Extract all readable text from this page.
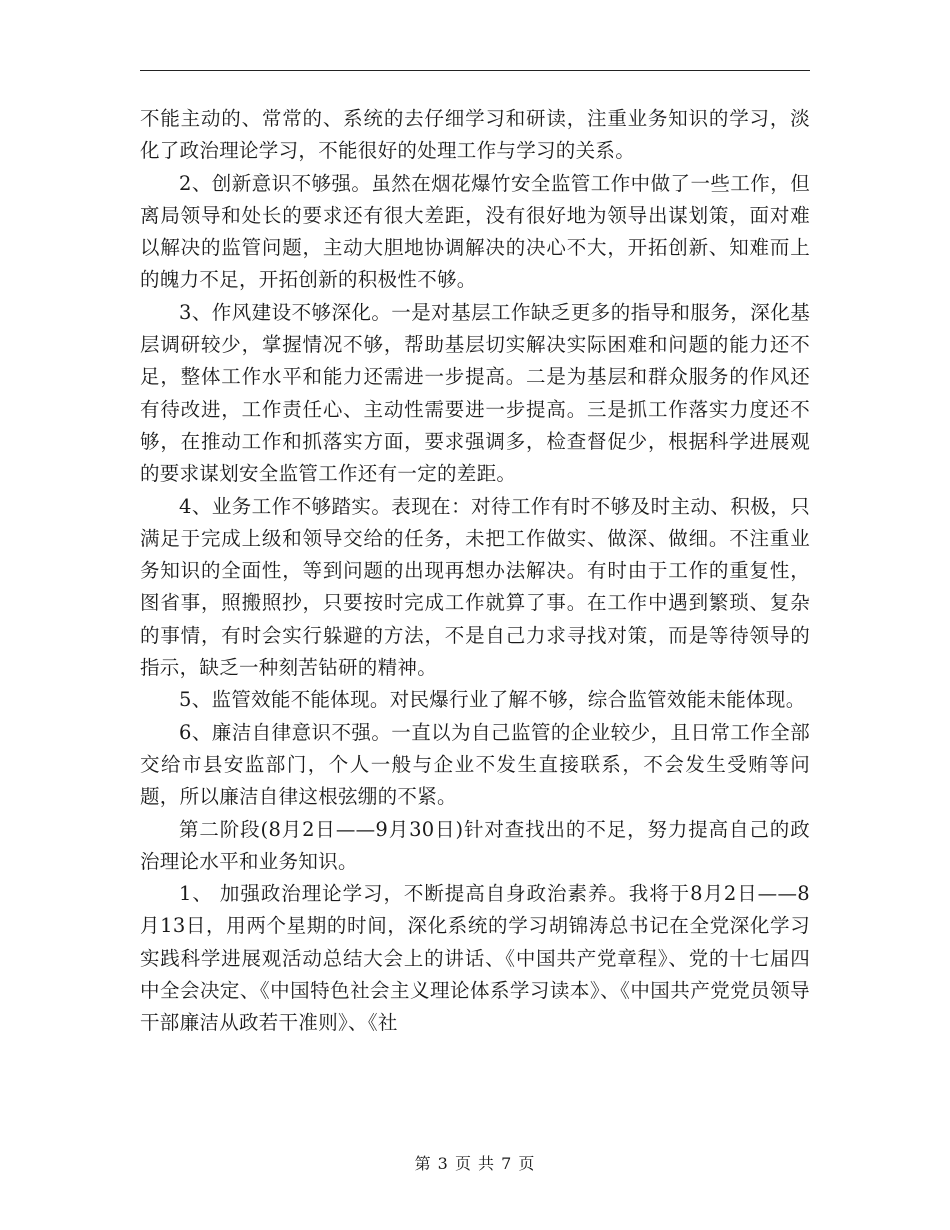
不能主动的、常常的、系统的去仔细学习和研读，注重业务知识的学习，淡化了政治理论学习，不能很好的处理工作与学习的关系。

2、创新意识不够强。虽然在烟花爆竹安全监管工作中做了一些工作，但离局领导和处长的要求还有很大差距，没有很好地为领导出谋划策，面对难以解决的监管问题，主动大胆地协调解决的决心不大，开拓创新、知难而上的魄力不足，开拓创新的积极性不够。

3、作风建设不够深化。一是对基层工作缺乏更多的指导和服务，深化基层调研较少，掌握情况不够，帮助基层切实解决实际困难和问题的能力还不足，整体工作水平和能力还需进一步提高。二是为基层和群众服务的作风还有待改进，工作责任心、主动性需要进一步提高。三是抓工作落实力度还不够，在推动工作和抓落实方面，要求强调多，检查督促少，根据科学进展观的要求谋划安全监管工作还有一定的差距。

4、业务工作不够踏实。表现在：对待工作有时不够及时主动、积极，只满足于完成上级和领导交给的任务，未把工作做实、做深、做细。不注重业务知识的全面性，等到问题的出现再想办法解决。有时由于工作的重复性，图省事，照搬照抄，只要按时完成工作就算了事。在工作中遇到繁琐、复杂的事情，有时会实行躲避的方法，不是自己力求寻找对策，而是等待领导的指示，缺乏一种刻苦钻研的精神。

5、监管效能不能体现。对民爆行业了解不够，综合监管效能未能体现。

6、廉洁自律意识不强。一直以为自己监管的企业较少，且日常工作全部交给市县安监部门，个人一般与企业不发生直接联系，不会发生受贿等问题，所以廉洁自律这根弦绷的不紧。

第二阶段(8月2日——9月30日)针对查找出的不足，努力提高自己的政治理论水平和业务知识。

1、 加强政治理论学习，不断提高自身政治素养。我将于8月2日——8月13日，用两个星期的时间，深化系统的学习胡锦涛总书记在全党深化学习实践科学进展观活动总结大会上的讲话、《中国共产党章程》、党的十七届四中全会决定、《中国特色社会主义理论体系学习读本》、《中国共产党党员领导干部廉洁从政若干准则》、《社

第 3 页 共 7 页
